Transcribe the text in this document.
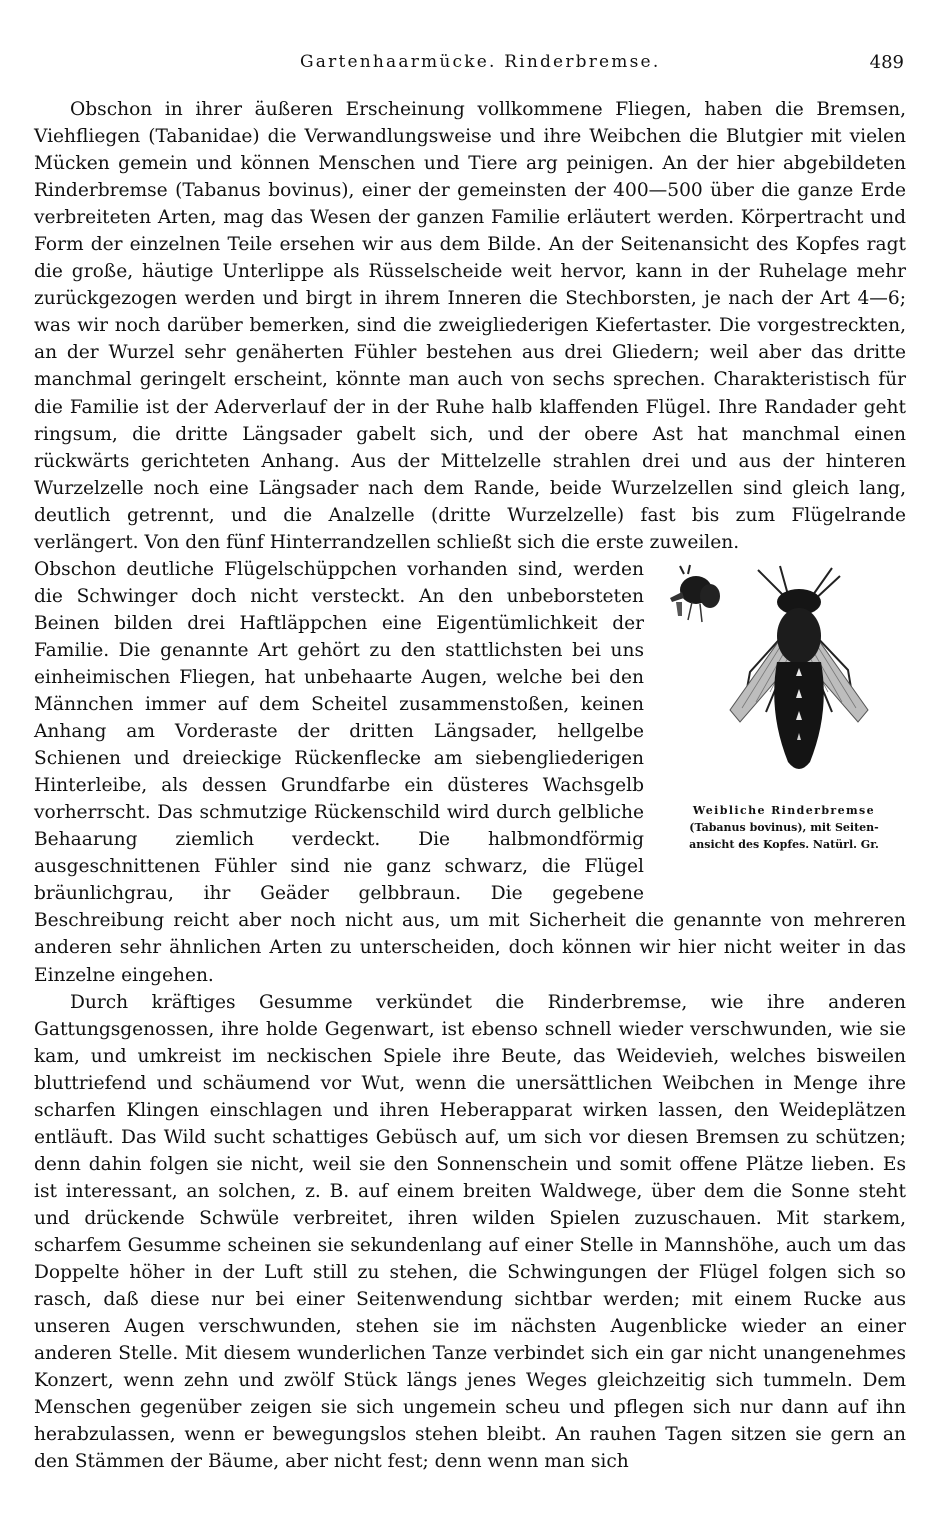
Gartenhaarmücke. Rinderbremse.	489

Obschon in ihrer äußeren Erscheinung vollkommene Fliegen, haben die Bremsen, Viehfliegen (Tabanidae) die Verwandlungsweise und ihre Weibchen die Blutgier mit vielen Mücken gemein und können Menschen und Tiere arg peinigen. An der hier abgebildeten Rinderbremse (Tabanus bovinus), einer der gemeinsten der 400—500 über die ganze Erde verbreiteten Arten, mag das Wesen der ganzen Familie erläutert werden. Körpertracht und Form der einzelnen Teile ersehen wir aus dem Bilde. An der Seitenansicht des Kopfes ragt die große, häutige Unterlippe als Rüsselscheide weit hervor, kann in der Ruhelage mehr zurückgezogen werden und birgt in ihrem Inneren die Stechborsten, je nach der Art 4—6; was wir noch darüber bemerken, sind die zweigliederigen Kiefertaster. Die vorgestreckten, an der Wurzel sehr genäherten Fühler bestehen aus drei Gliedern; weil aber das dritte manchmal geringelt erscheint, könnte man auch von sechs sprechen. Charakteristisch für die Familie ist der Aderverlauf der in der Ruhe halb klaffenden Flügel. Ihre Randader geht ringsum, die dritte Längsader gabelt sich, und der obere Ast hat manchmal einen rückwärts gerichteten Anhang. Aus der Mittelzelle strahlen drei und aus der hinteren Wurzelzelle noch eine Längsader nach dem Rande, beide Wurzelzellen sind gleich lang, deutlich getrennt, und die Analzelle (dritte Wurzelzelle) fast bis zum Flügelrande verlängert. Von den fünf Hinterrandzellen schließt sich die erste zuweilen.

Weibliche Rinderbremse
(Tabanus bovinus), mit Seiten-
ansicht des Kopfes. Natürl. Gr.

Obschon deutliche Flügelschüppchen vorhanden sind, werden die Schwinger doch nicht versteckt. An den unbeborsteten Beinen bilden drei Haftläppchen eine Eigentümlichkeit der Familie. Die genannte Art gehört zu den stattlichsten bei uns einheimischen Fliegen, hat unbehaarte Augen, welche bei den Männchen immer auf dem Scheitel zusammenstoßen, keinen Anhang am Vorderaste der dritten Längsader, hellgelbe Schienen und dreieckige Rückenflecke am siebengliederigen Hinterleibe, als dessen Grundfarbe ein düsteres Wachsgelb vorherrscht. Das schmutzige Rückenschild wird durch gelbliche Behaarung ziemlich verdeckt. Die halbmondförmig ausgeschnittenen Fühler sind nie ganz schwarz, die Flügel bräunlichgrau, ihr Geäder gelbbraun. Die gegebene Beschreibung reicht aber noch nicht aus, um mit Sicherheit die genannte von mehreren anderen sehr ähnlichen Arten zu unterscheiden, doch können wir hier nicht weiter in das Einzelne eingehen.

Durch kräftiges Gesumme verkündet die Rinderbremse, wie ihre anderen Gattungsgenossen, ihre holde Gegenwart, ist ebenso schnell wieder verschwunden, wie sie kam, und umkreist im neckischen Spiele ihre Beute, das Weidevieh, welches bisweilen bluttriefend und schäumend vor Wut, wenn die unersättlichen Weibchen in Menge ihre scharfen Klingen einschlagen und ihren Heberapparat wirken lassen, den Weideplätzen entläuft. Das Wild sucht schattiges Gebüsch auf, um sich vor diesen Bremsen zu schützen; denn dahin folgen sie nicht, weil sie den Sonnenschein und somit offene Plätze lieben. Es ist interessant, an solchen, z. B. auf einem breiten Waldwege, über dem die Sonne steht und drückende Schwüle verbreitet, ihren wilden Spielen zuzuschauen. Mit starkem, scharfem Gesumme scheinen sie sekundenlang auf einer Stelle in Mannshöhe, auch um das Doppelte höher in der Luft still zu stehen, die Schwingungen der Flügel folgen sich so rasch, daß diese nur bei einer Seitenwendung sichtbar werden; mit einem Rucke aus unseren Augen verschwunden, stehen sie im nächsten Augenblicke wieder an einer anderen Stelle. Mit diesem wunderlichen Tanze verbindet sich ein gar nicht unangenehmes Konzert, wenn zehn und zwölf Stück längs jenes Weges gleichzeitig sich tummeln. Dem Menschen gegenüber zeigen sie sich ungemein scheu und pflegen sich nur dann auf ihn herabzulassen, wenn er bewegungslos stehen bleibt. An rauhen Tagen sitzen sie gern an den Stämmen der Bäume, aber nicht fest; denn wenn man sich
